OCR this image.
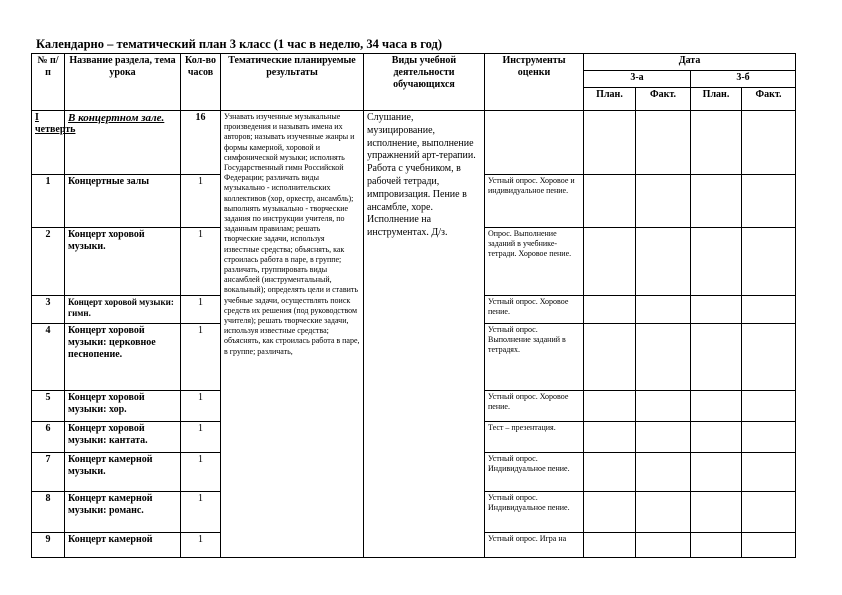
Календарно – тематический план 3 класс (1 час в неделю, 34 часа в год)
№ п/п	Название раздела, тема урока	Кол-во часов	Тематические планируемые результаты	Виды учебной деятельности обучающихся	Инструменты оценки	Дата			
						3-а		3-б	
						План.	Факт.	План.	Факт.

I четверть	В концертном зале.	16	Узнавать изученные музыкальные произведения и называть имена их авторов; называть изученные жанры и формы камерной, хоровой и симфонической музыки; исполнять Государственный гимн Российской Федерации; различать виды музыкально - исполнительских коллективов (хор, оркестр, ансамбль); выполнять музыкально - творческие задания по инструкции учителя, по заданным правилам; решать творческие задачи, используя известные средства; объяснять, как строилась работа в паре, в группе; различать, группировать виды ансамблей (инструментальный, вокальный); определять цели и ставить учебные задачи, осуществлять поиск средств их решения (под руководством учителя); решать творческие задачи, используя известные средства; объяснять, как строилась работа в паре, в группе; различать,	Слушание, музицирование, исполнение, выполнение упражнений арт-терапии. Работа с учебником, в рабочей тетради, импровизация. Пение в ансамбле, хоре. Исполнение на инструментах. Д/з.					
1	Концертные залы	1			Устный опрос. Хоровое и индивидуальное пение.				
2	Концерт хоровой музыки.	1			Опрос. Выполнение заданий в учебнике-тетради. Хоровое пение.				
3	Концерт хоровой музыки: гимн.	1			Устный опрос. Хоровое пение.				
4	Концерт хоровой музыки: церковное песнопение.	1			Устный опрос. Выполнение заданий в тетрадях.				
5	Концерт хоровой музыки: хор.	1			Устный опрос. Хоровое пение.				
6	Концерт хоровой музыки: кантата.	1			Тест – презентация.				
7	Концерт камерной музыки.	1			Устный опрос. Индивидуальное пение.				
8	Концерт камерной музыки: романс.	1			Устный опрос. Индивидуальное пение.				
9	Концерт камерной	1			Устный опрос. Игра на				
